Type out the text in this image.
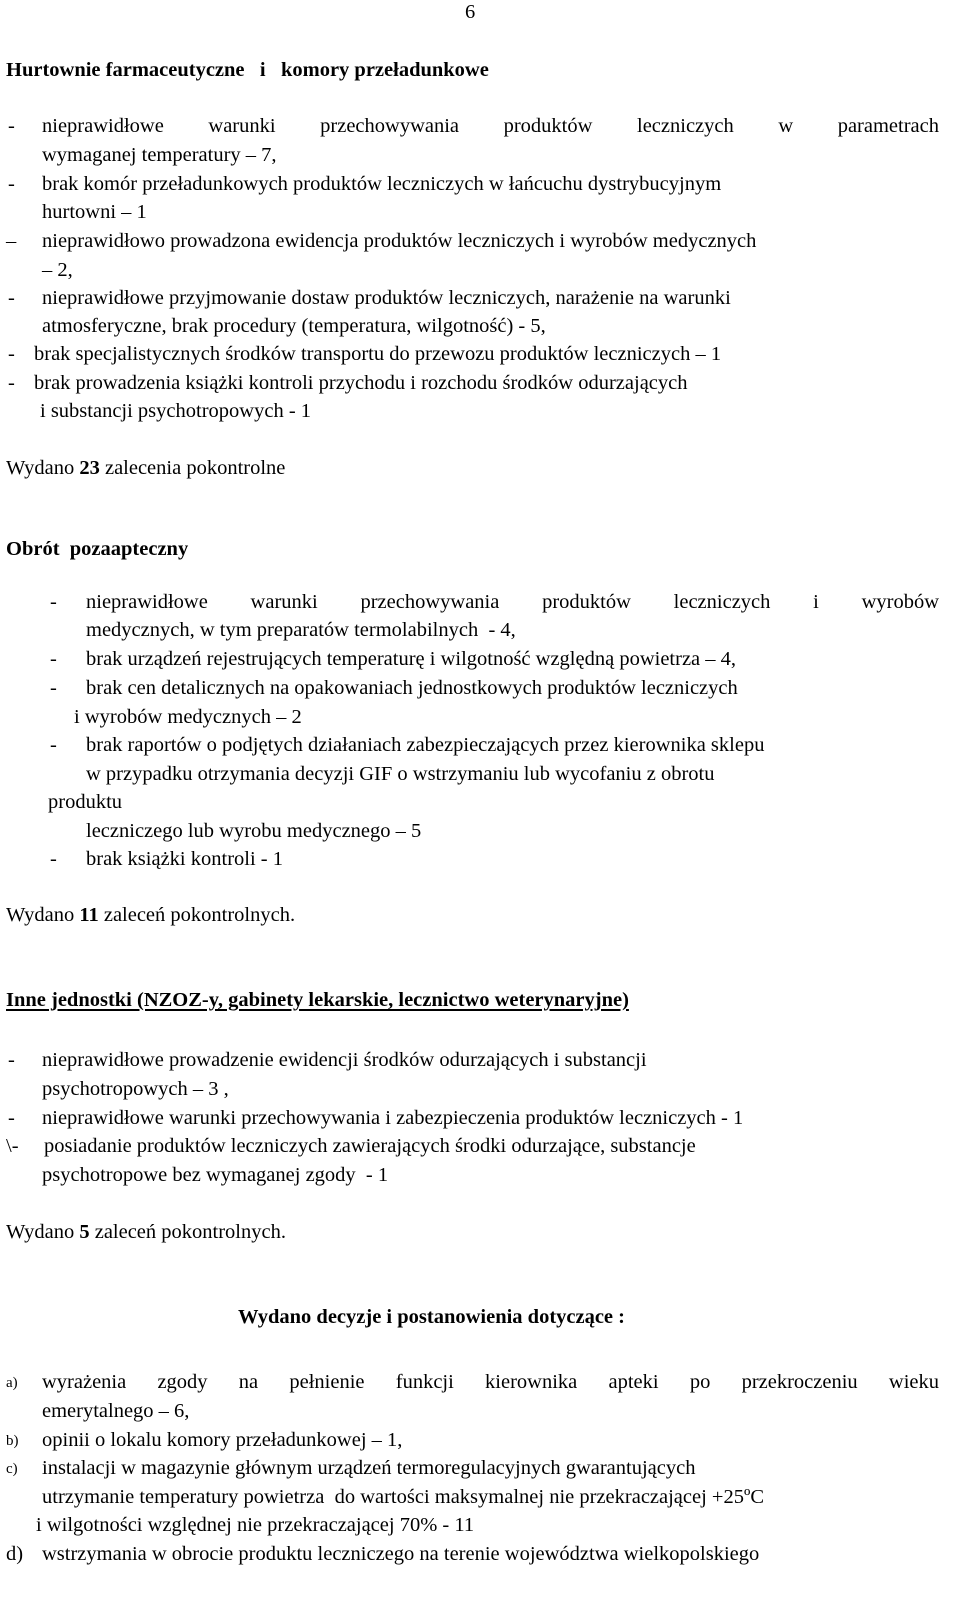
6
Hurtownie farmaceutyczne   i   komory przeładunkowe
- nieprawidłowe warunki przechowywania produktów leczniczych w parametrach
wymaganej temperatury – 7,
- brak komór przeładunkowych produktów leczniczych w łańcuchu dystrybucyjnym
hurtowni – 1
– nieprawidłowo prowadzona ewidencja produktów leczniczych i wyrobów medycznych
– 2,
- nieprawidłowe przyjmowanie dostaw produktów leczniczych, narażenie na warunki
atmosferyczne, brak procedury (temperatura, wilgotność) - 5,
- brak specjalistycznych środków transportu do przewozu produktów leczniczych – 1
- brak prowadzenia książki kontroli przychodu i rozchodu środków odurzających
i substancji psychotropowych - 1
Wydano 23 zalecenia pokontrolne
Obrót  pozaapteczny
- nieprawidłowe warunki przechowywania produktów leczniczych i wyrobów
medycznych, w tym preparatów termolabilnych  - 4,
- brak urządzeń rejestrujących temperaturę i wilgotność względną powietrza – 4,
- brak cen detalicznych na opakowaniach jednostkowych produktów leczniczych
i wyrobów medycznych – 2
- brak raportów o podjętych działaniach zabezpieczających przez kierownika sklepu
w przypadku otrzymania decyzji GIF o wstrzymaniu lub wycofaniu z obrotu
produktu
leczniczego lub wyrobu medycznego – 5
- brak książki kontroli - 1
Wydano 11 zaleceń pokontrolnych.
Inne jednostki (NZOZ-y, gabinety lekarskie, lecznictwo weterynaryjne)
- nieprawidłowe prowadzenie ewidencji środków odurzających i substancji
psychotropowych – 3 ,
- nieprawidłowe warunki przechowywania i zabezpieczenia produktów leczniczych - 1
\- posiadanie produktów leczniczych zawierających środki odurzające, substancje
psychotropowe bez wymaganej zgody  - 1
Wydano 5 zaleceń pokontrolnych.
Wydano decyzje i postanowienia dotyczące :
a) wyrażenia zgody na pełnienie funkcji kierownika apteki po przekroczeniu wieku
emerytalnego – 6,
b) opinii o lokalu komory przeładunkowej – 1,
c) instalacji w magazynie głównym urządzeń termoregulacyjnych gwarantujących
utrzymanie temperatury powietrza  do wartości maksymalnej nie przekraczającej +25ºC
i wilgotności względnej nie przekraczającej 70% - 11
d) wstrzymania w obrocie produktu leczniczego na terenie województwa wielkopolskiego
